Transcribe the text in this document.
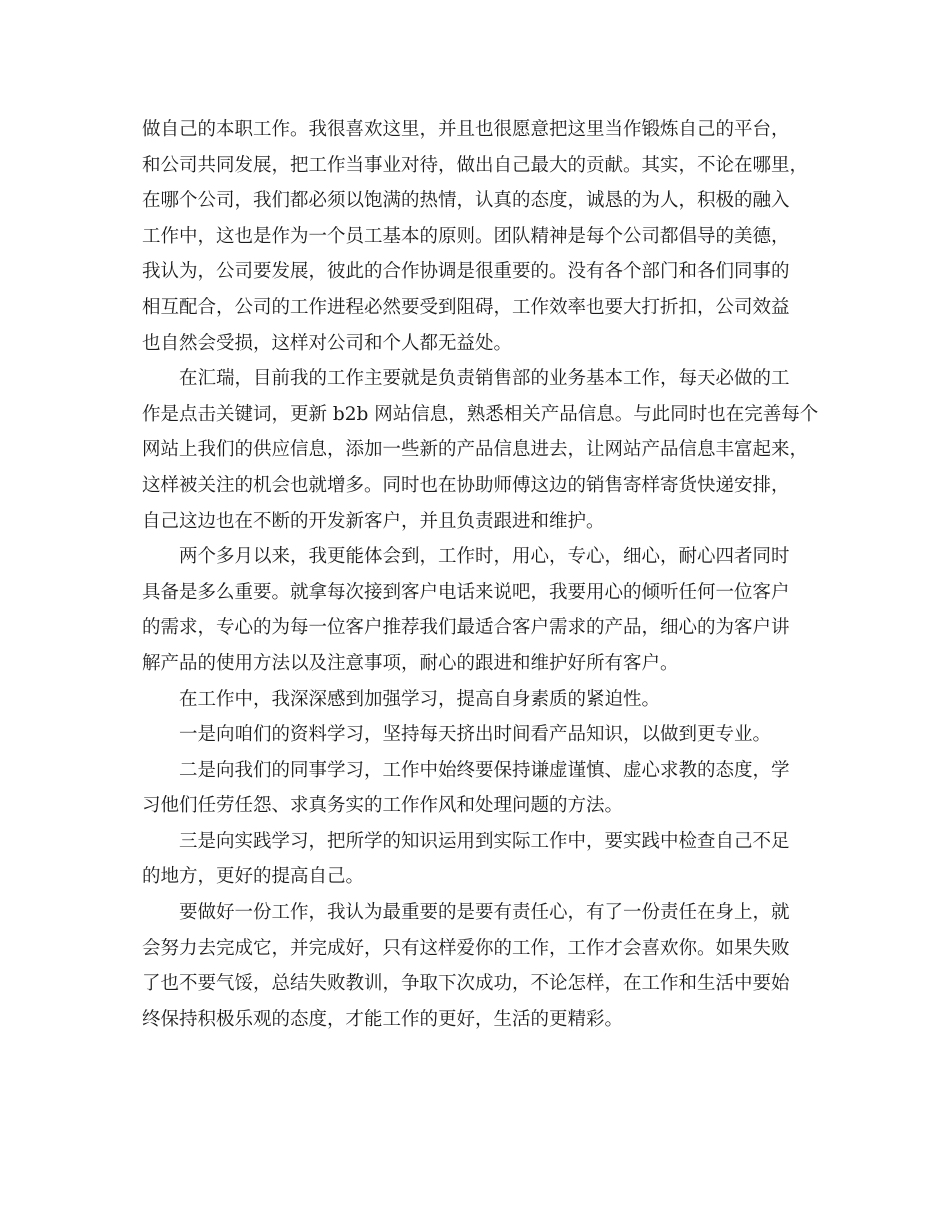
做自己的本职工作。我很喜欢这里，并且也很愿意把这里当作锻炼自己的平台，
和公司共同发展，把工作当事业对待，做出自己最大的贡献。其实，不论在哪里，
在哪个公司，我们都必须以饱满的热情，认真的态度，诚恳的为人，积极的融入
工作中，这也是作为一个员工基本的原则。团队精神是每个公司都倡导的美德，
我认为，公司要发展，彼此的合作协调是很重要的。没有各个部门和各们同事的
相互配合，公司的工作进程必然要受到阻碍，工作效率也要大打折扣，公司效益
也自然会受损，这样对公司和个人都无益处。
在汇瑞，目前我的工作主要就是负责销售部的业务基本工作，每天必做的工
作是点击关键词，更新 b2b 网站信息，熟悉相关产品信息。与此同时也在完善每个
网站上我们的供应信息，添加一些新的产品信息进去，让网站产品信息丰富起来，
这样被关注的机会也就增多。同时也在协助师傅这边的销售寄样寄货快递安排，
自己这边也在不断的开发新客户，并且负责跟进和维护。
两个多月以来，我更能体会到，工作时，用心，专心，细心，耐心四者同时
具备是多么重要。就拿每次接到客户电话来说吧，我要用心的倾听任何一位客户
的需求，专心的为每一位客户推荐我们最适合客户需求的产品，细心的为客户讲
解产品的使用方法以及注意事项，耐心的跟进和维护好所有客户。
在工作中，我深深感到加强学习，提高自身素质的紧迫性。
一是向咱们的资料学习，坚持每天挤出时间看产品知识，以做到更专业。
二是向我们的同事学习，工作中始终要保持谦虚谨慎、虚心求教的态度，学
习他们任劳任怨、求真务实的工作作风和处理问题的方法。
三是向实践学习，把所学的知识运用到实际工作中，要实践中检查自己不足
的地方，更好的提高自己。
要做好一份工作，我认为最重要的是要有责任心，有了一份责任在身上，就
会努力去完成它，并完成好，只有这样爱你的工作，工作才会喜欢你。如果失败
了也不要气馁，总结失败教训，争取下次成功，不论怎样，在工作和生活中要始
终保持积极乐观的态度，才能工作的更好，生活的更精彩。
